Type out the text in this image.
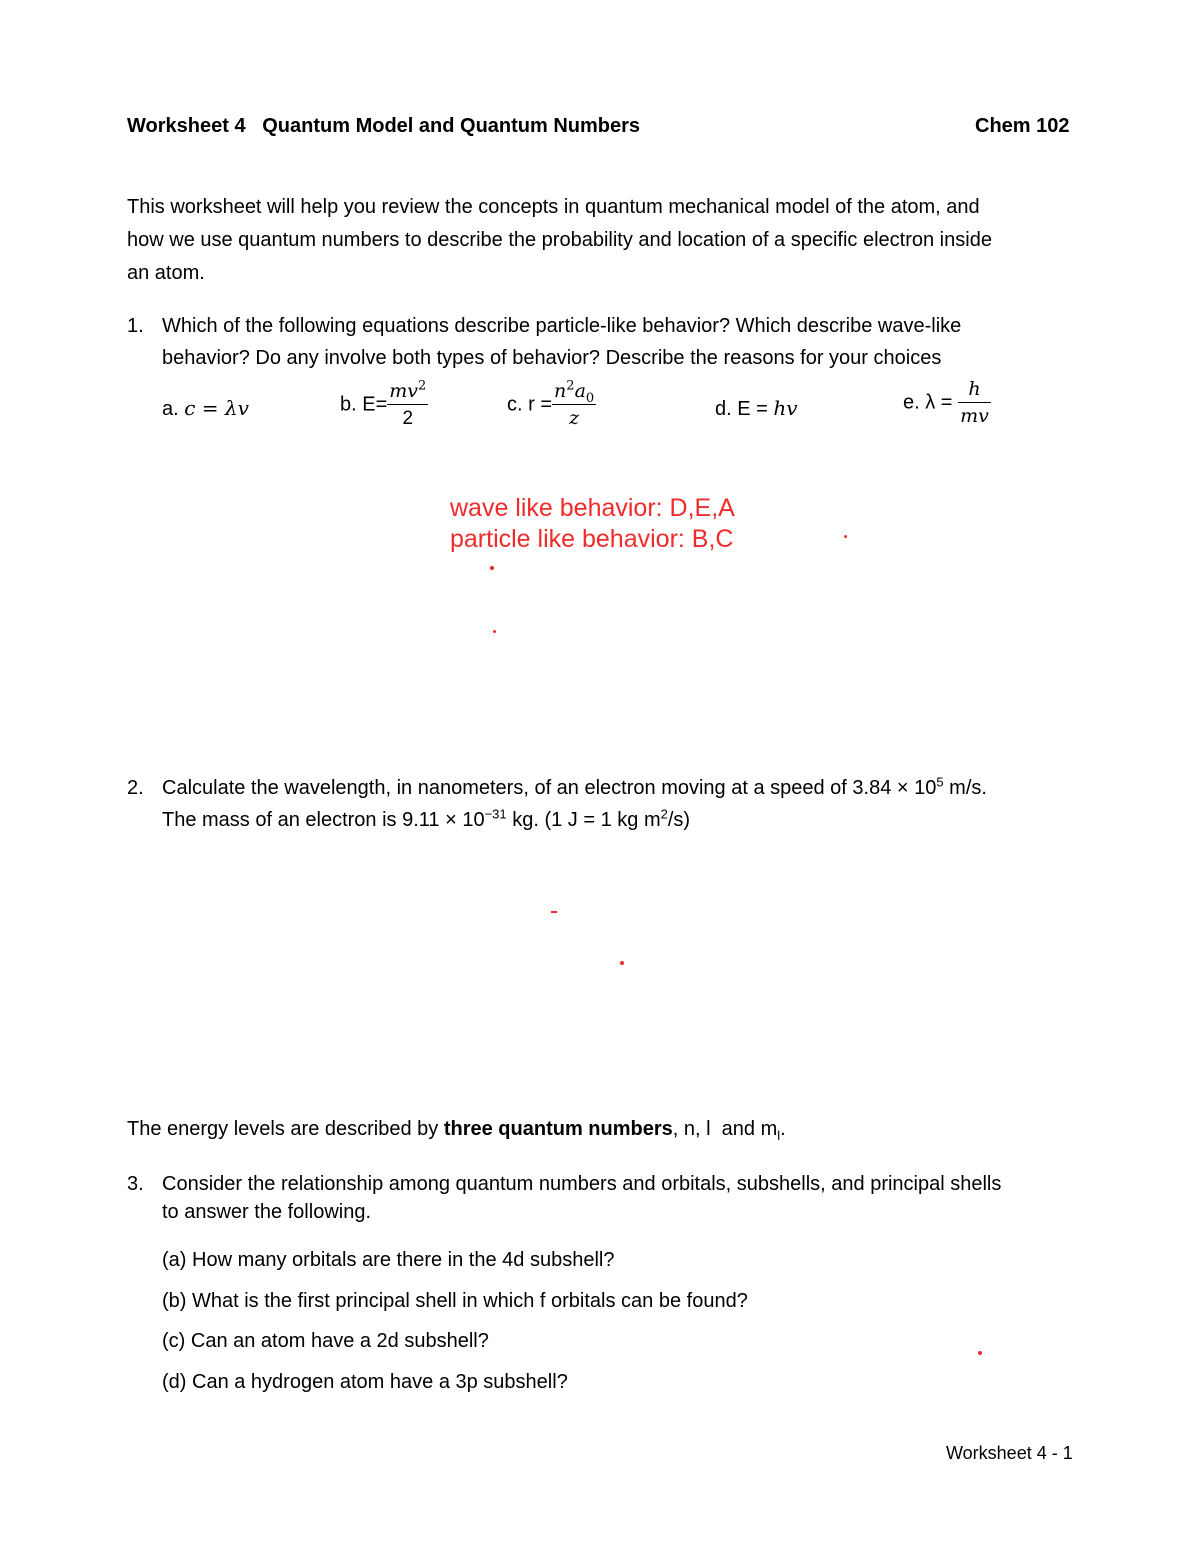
Worksheet 4   Quantum Model and Quantum Numbers	Chem 102
This worksheet will help you review the concepts in quantum mechanical model of the atom, and
how we use quantum numbers to describe the probability and location of a specific electron inside
an atom.
1. Which of the following equations describe particle-like behavior? Which describe wave-like
behavior? Do any involve both types of behavior? Describe the reasons for your choices
a. c = λv	b. $E= \frac{mv^2}{2}$	c. $r = \frac{n^2a_0}{z}$	d. E = hv	e. $\lambda = \frac{h}{mv}$
wave like behavior: D,E,A
particle like behavior: B,C
2. Calculate the wavelength, in nanometers, of an electron moving at a speed of $3.84 \times 10^5$ m/s.
The mass of an electron is $9.11 \times 10^{-31}$ kg. (1 J = 1 kg $m^2/s$)
The energy levels are described by three quantum numbers, n, l  and $m_l$.
3. Consider the relationship among quantum numbers and orbitals, subshells, and principal shells
to answer the following.
(a) How many orbitals are there in the 4d subshell?
(b) What is the first principal shell in which f orbitals can be found?
(c) Can an atom have a 2d subshell?
(d) Can a hydrogen atom have a 3p subshell?
Worksheet 4 - 1
